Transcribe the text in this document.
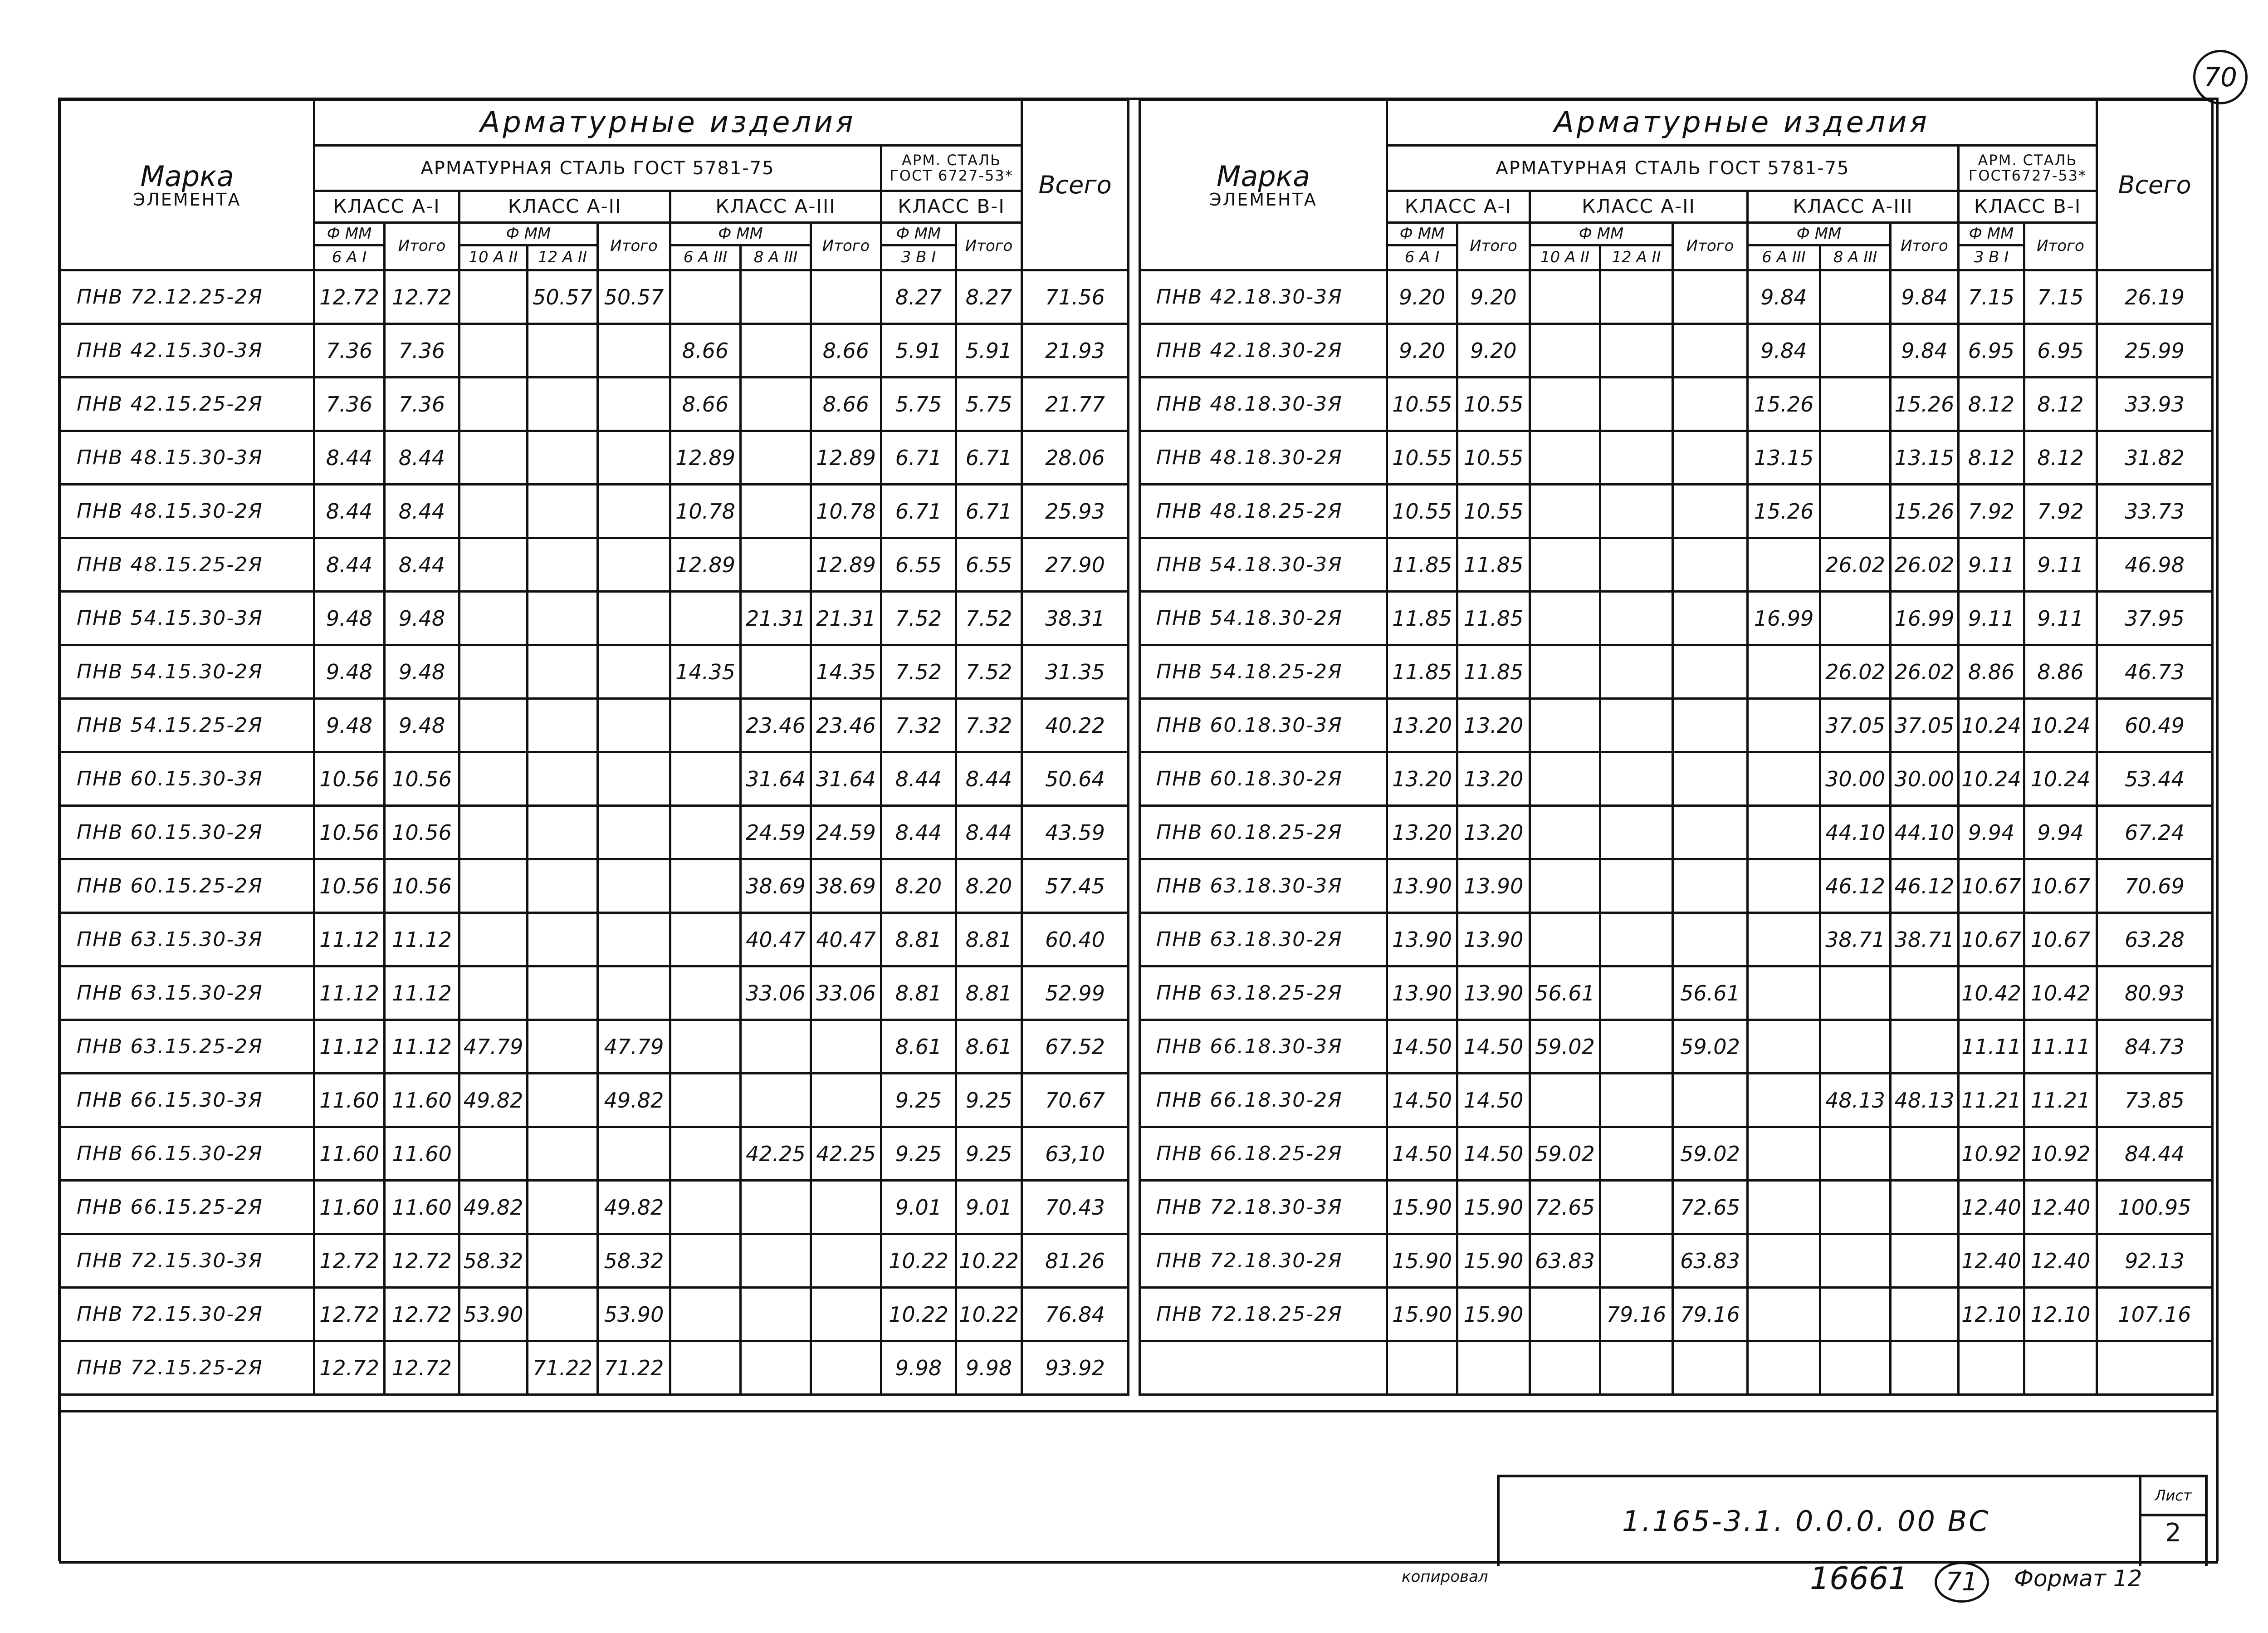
70
Марка
ЭЛЕМЕНТА	Арматурные изделия										Всего
	АРМАТУРНАЯ СТАЛЬ ГОСТ 5781-75								АРМ. СТАЛЬ ГОСТ 6727-53*		
	КЛАСС А-I		КЛАСС А-II			КЛАСС А-III			КЛАСС В-I		
	Ф ММ	Итого	Ф ММ		Итого	Ф ММ		Итого	Ф ММ	Итого	
	6 А I		10 А II	12 А II		6 А III	8 А III		3 В I		
ПНВ 72.12.25-2Я	12.72	12.72		50.57	50.57				8.27	8.27	71.56
ПНВ 42.15.30-3Я	7.36	7.36				8.66		8.66	5.91	5.91	21.93
ПНВ 42.15.25-2Я	7.36	7.36				8.66		8.66	5.75	5.75	21.77
ПНВ 48.15.30-3Я	8.44	8.44				12.89		12.89	6.71	6.71	28.06
ПНВ 48.15.30-2Я	8.44	8.44				10.78		10.78	6.71	6.71	25.93
ПНВ 48.15.25-2Я	8.44	8.44				12.89		12.89	6.55	6.55	27.90
ПНВ 54.15.30-3Я	9.48	9.48					21.31	21.31	7.52	7.52	38.31
ПНВ 54.15.30-2Я	9.48	9.48				14.35		14.35	7.52	7.52	31.35
ПНВ 54.15.25-2Я	9.48	9.48					23.46	23.46	7.32	7.32	40.22
ПНВ 60.15.30-3Я	10.56	10.56					31.64	31.64	8.44	8.44	50.64
ПНВ 60.15.30-2Я	10.56	10.56					24.59	24.59	8.44	8.44	43.59
ПНВ 60.15.25-2Я	10.56	10.56					38.69	38.69	8.20	8.20	57.45
ПНВ 63.15.30-3Я	11.12	11.12					40.47	40.47	8.81	8.81	60.40
ПНВ 63.15.30-2Я	11.12	11.12					33.06	33.06	8.81	8.81	52.99
ПНВ 63.15.25-2Я	11.12	11.12	47.79		47.79				8.61	8.61	67.52
ПНВ 66.15.30-3Я	11.60	11.60	49.82		49.82				9.25	9.25	70.67
ПНВ 66.15.30-2Я	11.60	11.60					42.25	42.25	9.25	9.25	63,10
ПНВ 66.15.25-2Я	11.60	11.60	49.82		49.82				9.01	9.01	70.43
ПНВ 72.15.30-3Я	12.72	12.72	58.32		58.32				10.22	10.22	81.26
ПНВ 72.15.30-2Я	12.72	12.72	53.90		53.90				10.22	10.22	76.84
ПНВ 72.15.25-2Я	12.72	12.72		71.22	71.22				9.98	9.98	93.92
Марка
ЭЛЕМЕНТА	Арматурные изделия										Всего
	АРМАТУРНАЯ СТАЛЬ ГОСТ 5781-75								АРМ. СТАЛЬ ГОСТ6727-53*		
	КЛАСС А-I		КЛАСС А-II			КЛАСС А-III			КЛАСС В-I		
	Ф ММ	Итого	Ф ММ		Итого	Ф ММ		Итого	Ф ММ	Итого	
	6 А I		10 А II	12 А II		6 А III	8 А III		3 В I		
ПНВ 42.18.30-3Я	9.20	9.20				9.84		9.84	7.15	7.15	26.19
ПНВ 42.18.30-2Я	9.20	9.20				9.84		9.84	6.95	6.95	25.99
ПНВ 48.18.30-3Я	10.55	10.55				15.26		15.26	8.12	8.12	33.93
ПНВ 48.18.30-2Я	10.55	10.55				13.15		13.15	8.12	8.12	31.82
ПНВ 48.18.25-2Я	10.55	10.55				15.26		15.26	7.92	7.92	33.73
ПНВ 54.18.30-3Я	11.85	11.85					26.02	26.02	9.11	9.11	46.98
ПНВ 54.18.30-2Я	11.85	11.85				16.99		16.99	9.11	9.11	37.95
ПНВ 54.18.25-2Я	11.85	11.85					26.02	26.02	8.86	8.86	46.73
ПНВ 60.18.30-3Я	13.20	13.20					37.05	37.05	10.24	10.24	60.49
ПНВ 60.18.30-2Я	13.20	13.20					30.00	30.00	10.24	10.24	53.44
ПНВ 60.18.25-2Я	13.20	13.20					44.10	44.10	9.94	9.94	67.24
ПНВ 63.18.30-3Я	13.90	13.90					46.12	46.12	10.67	10.67	70.69
ПНВ 63.18.30-2Я	13.90	13.90					38.71	38.71	10.67	10.67	63.28
ПНВ 63.18.25-2Я	13.90	13.90	56.61		56.61				10.42	10.42	80.93
ПНВ 66.18.30-3Я	14.50	14.50	59.02		59.02				11.11	11.11	84.73
ПНВ 66.18.30-2Я	14.50	14.50					48.13	48.13	11.21	11.21	73.85
ПНВ 66.18.25-2Я	14.50	14.50	59.02		59.02				10.92	10.92	84.44
ПНВ 72.18.30-3Я	15.90	15.90	72.65		72.65				12.40	12.40	100.95
ПНВ 72.18.30-2Я	15.90	15.90	63.83		63.83				12.40	12.40	92.13
ПНВ 72.18.25-2Я	15.90	15.90		79.16	79.16				12.10	12.10	107.16

1.165-3.1. 0.0.0. 00 ВС
Лист
2
копировал	16661	71	Формат 12
